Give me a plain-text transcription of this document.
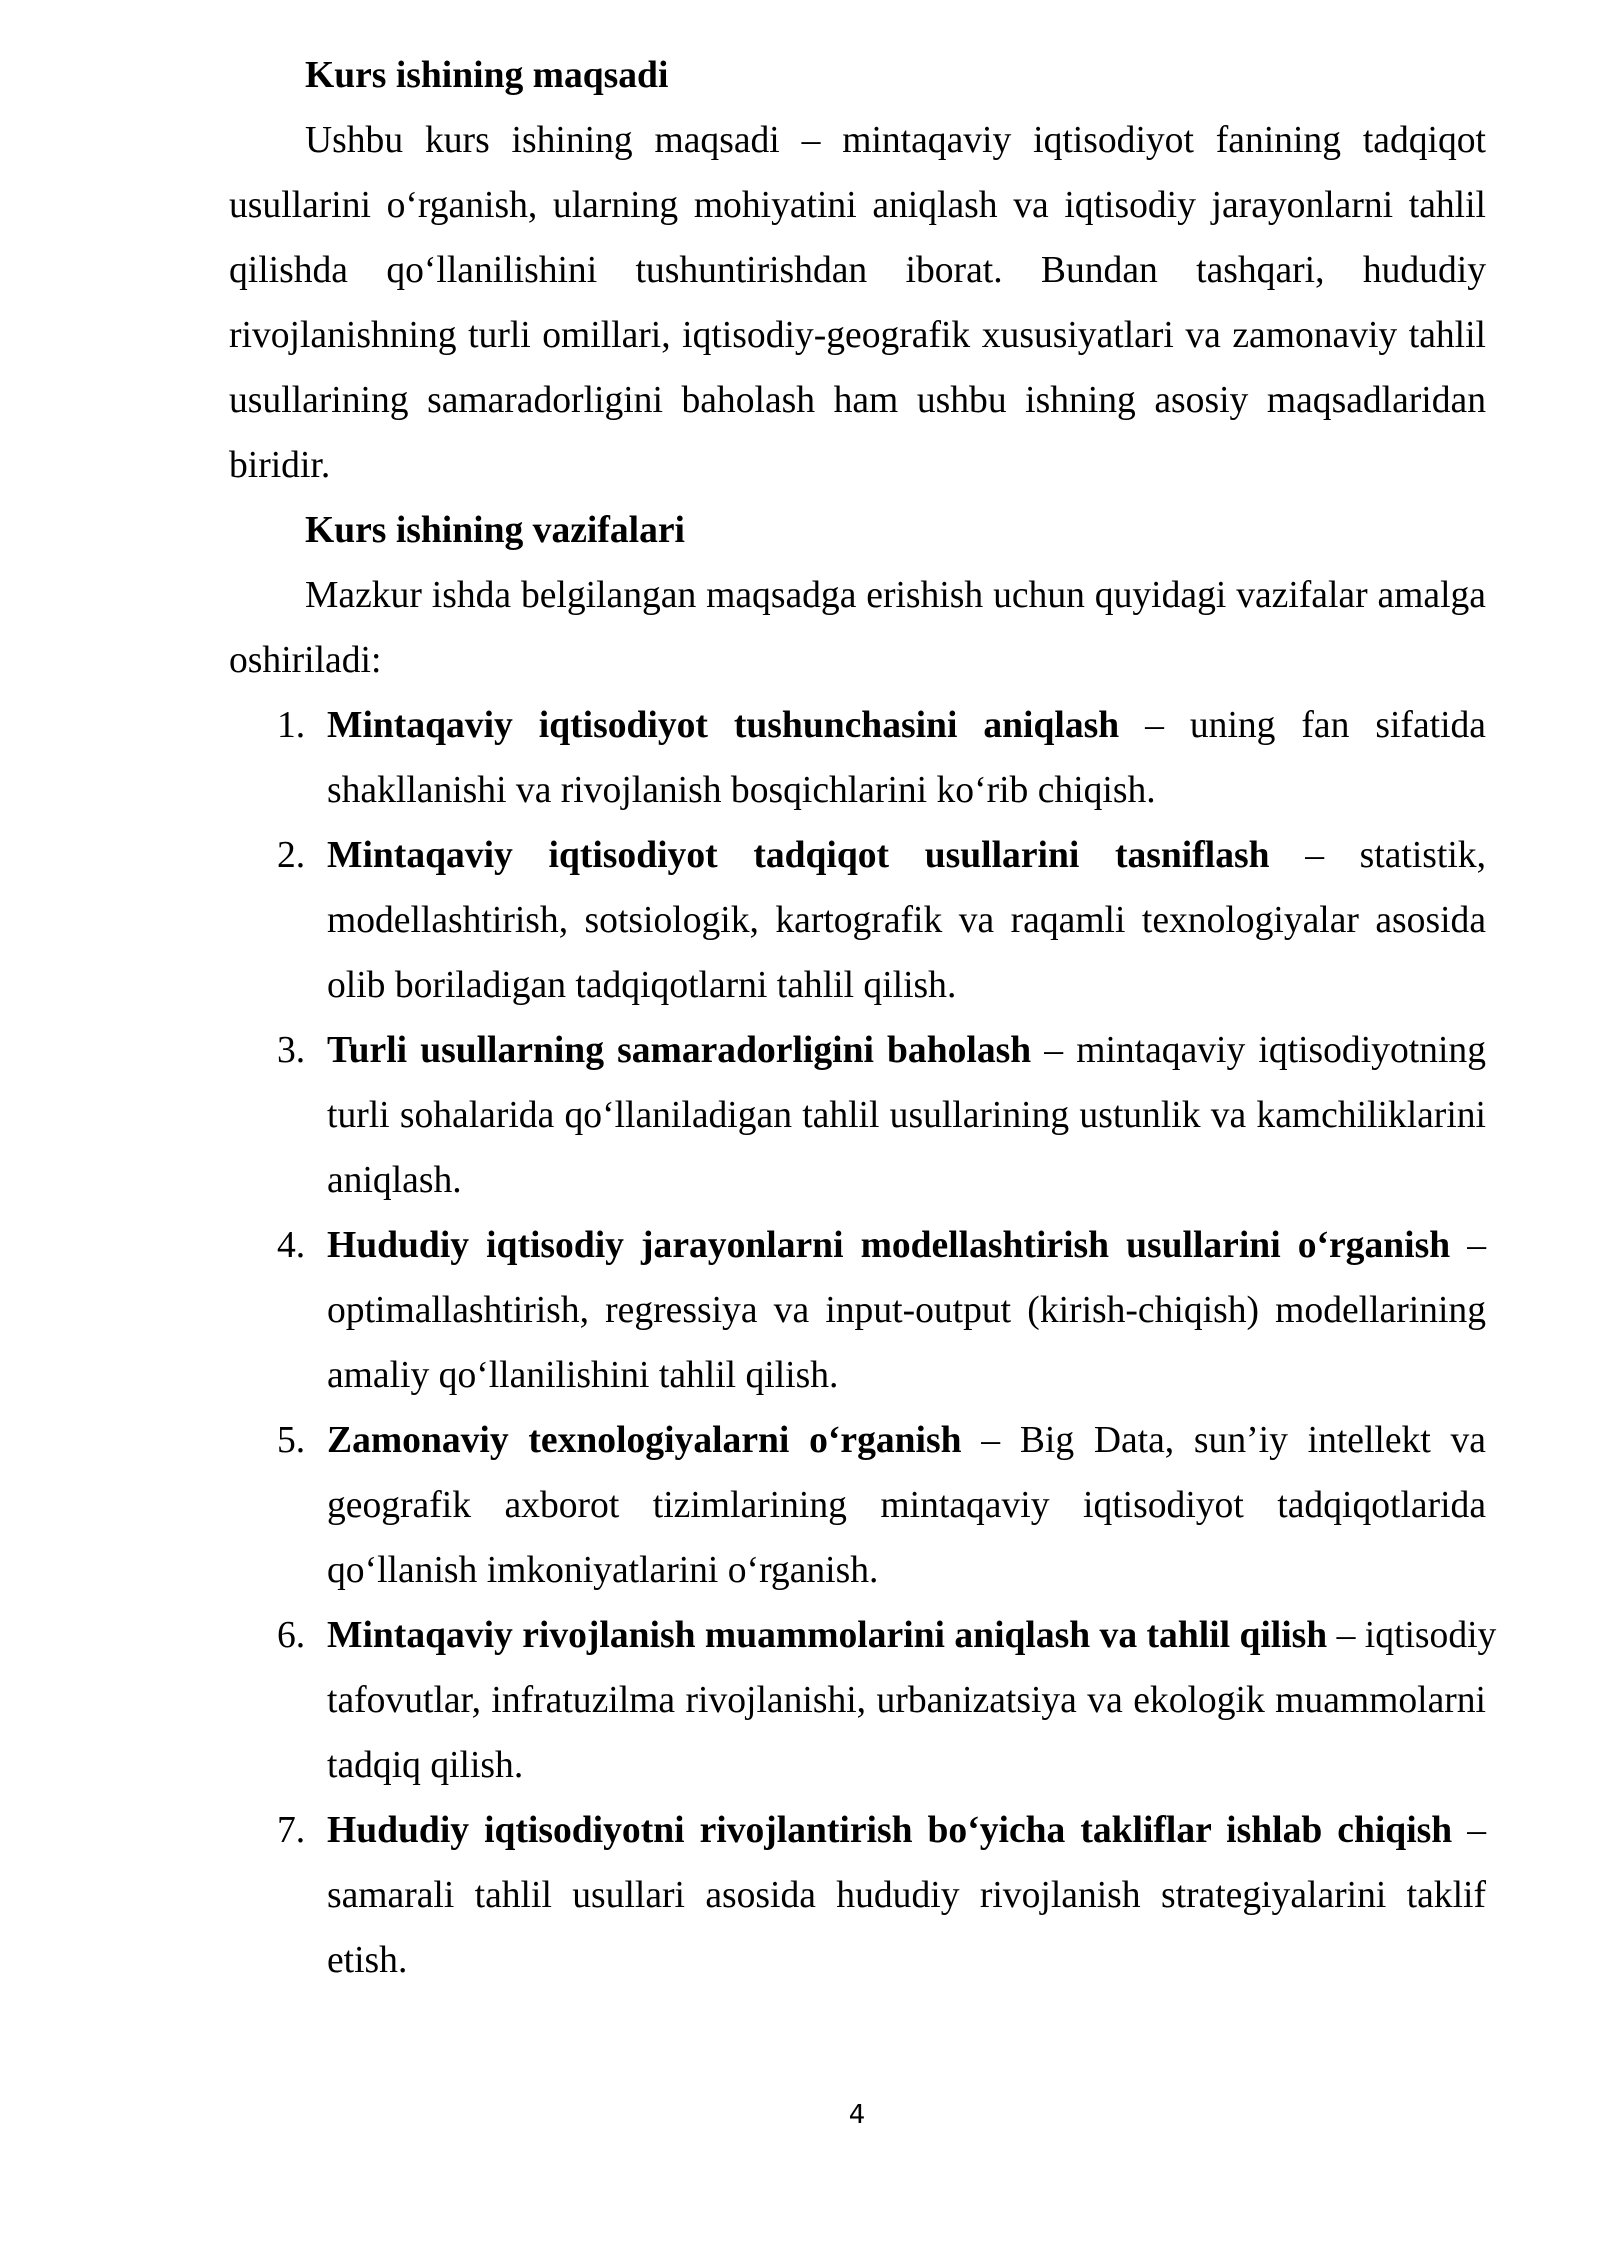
Kurs ishining maqsadi
Ushbu kurs ishining maqsadi – mintaqaviy iqtisodiyot fanining tadqiqot
usullarini o‘rganish, ularning mohiyatini aniqlash va iqtisodiy jarayonlarni tahlil
qilishda qo‘llanilishini tushuntirishdan iborat. Bundan tashqari, hududiy
rivojlanishning turli omillari, iqtisodiy-geografik xususiyatlari va zamonaviy tahlil
usullarining samaradorligini baholash ham ushbu ishning asosiy maqsadlaridan
biridir.
Kurs ishining vazifalari
Mazkur ishda belgilangan maqsadga erishish uchun quyidagi vazifalar amalga
oshiriladi:
1. Mintaqaviy iqtisodiyot tushunchasini aniqlash – uning fan sifatida
shakllanishi va rivojlanish bosqichlarini ko‘rib chiqish.
2. Mintaqaviy iqtisodiyot tadqiqot usullarini tasniflash – statistik,
modellashtirish, sotsiologik, kartografik va raqamli texnologiyalar asosida
olib boriladigan tadqiqotlarni tahlil qilish.
3. Turli usullarning samaradorligini baholash – mintaqaviy iqtisodiyotning
turli sohalarida qo‘llaniladigan tahlil usullarining ustunlik va kamchiliklarini
aniqlash.
4. Hududiy iqtisodiy jarayonlarni modellashtirish usullarini o‘rganish –
optimallashtirish, regressiya va input-output (kirish-chiqish) modellarining
amaliy qo‘llanilishini tahlil qilish.
5. Zamonaviy texnologiyalarni o‘rganish – Big Data, sun’iy intellekt va
geografik axborot tizimlarining mintaqaviy iqtisodiyot tadqiqotlarida
qo‘llanish imkoniyatlarini o‘rganish.
6. Mintaqaviy rivojlanish muammolarini aniqlash va tahlil qilish – iqtisodiy
tafovutlar, infratuzilma rivojlanishi, urbanizatsiya va ekologik muammolarni
tadqiq qilish.
7. Hududiy iqtisodiyotni rivojlantirish bo‘yicha takliflar ishlab chiqish –
samarali tahlil usullari asosida hududiy rivojlanish strategiyalarini taklif
etish.
4
